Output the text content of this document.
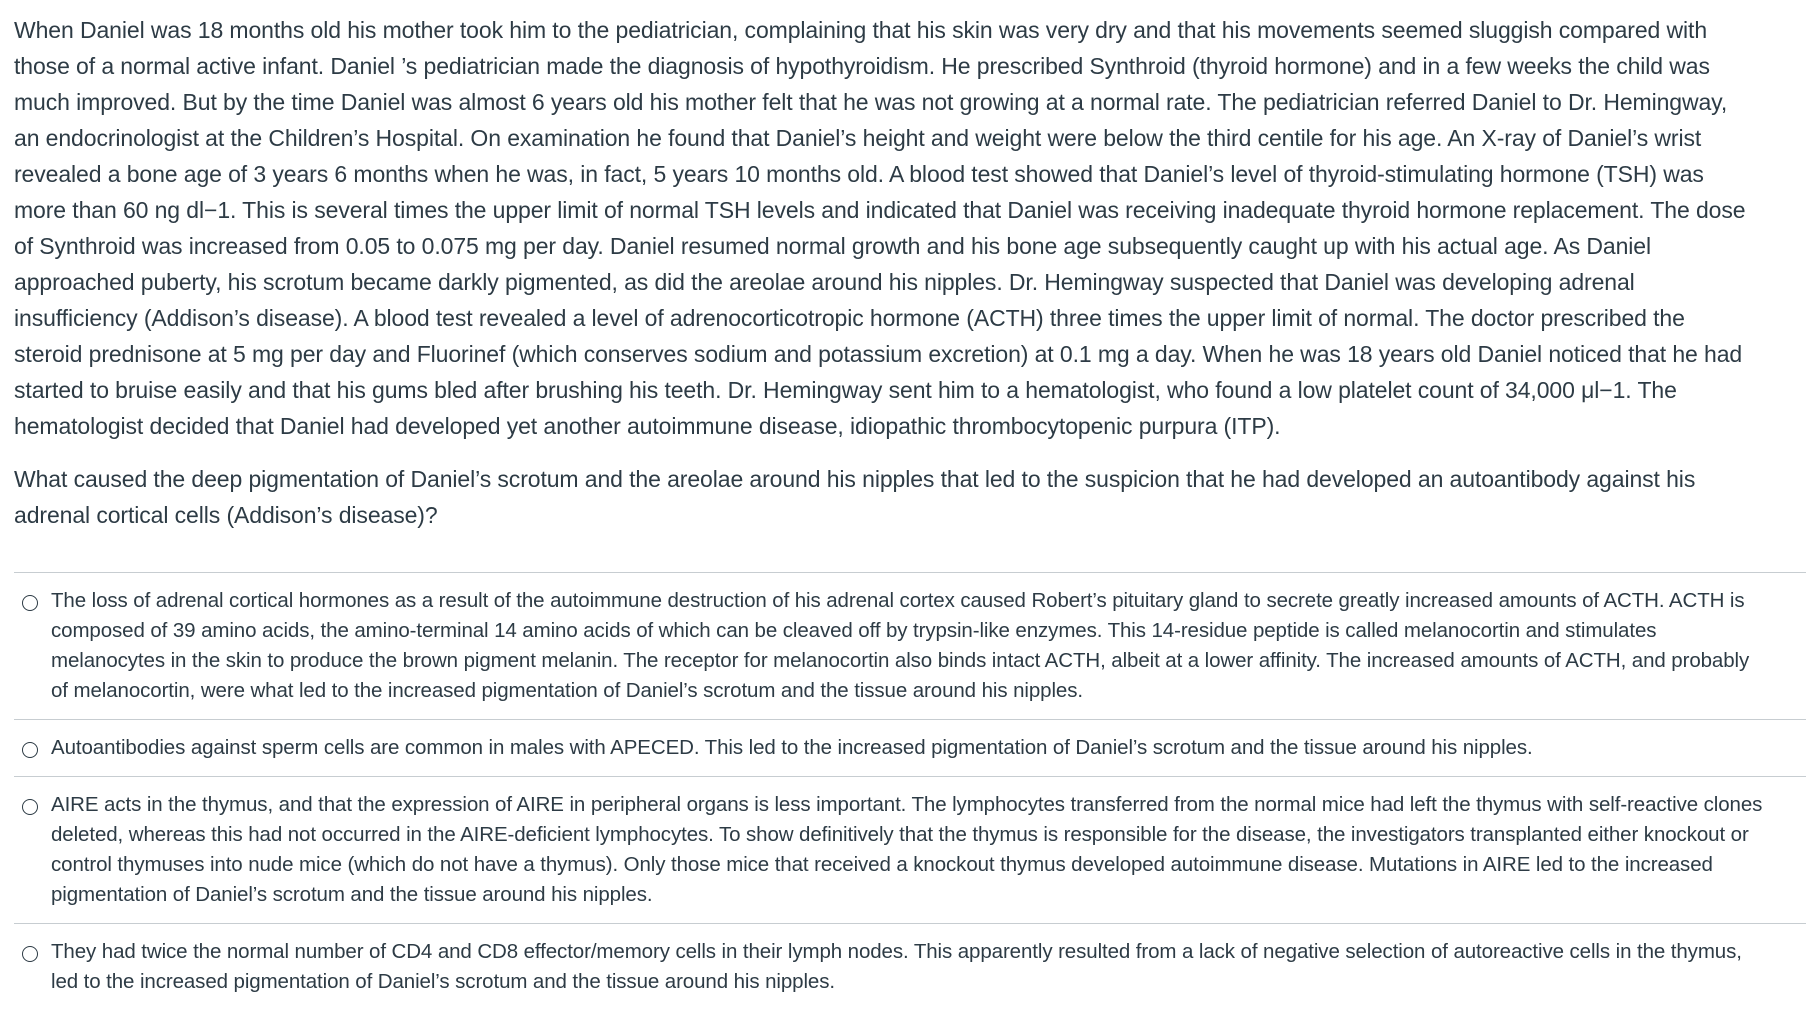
When Daniel was 18 months old his mother took him to the pediatrician, complaining that his skin was very dry and that his movements seemed sluggish compared with
those of a normal active infant. Daniel ’s pediatrician made the diagnosis of hypothyroidism. He prescribed Synthroid (thyroid hormone) and in a few weeks the child was
much improved. But by the time Daniel was almost 6 years old his mother felt that he was not growing at a normal rate. The pediatrician referred Daniel to Dr. Hemingway,
an endocrinologist at the Children’s Hospital. On examination he found that Daniel’s height and weight were below the third centile for his age. An X-ray of Daniel’s wrist
revealed a bone age of 3 years 6 months when he was, in fact, 5 years 10 months old. A blood test showed that Daniel’s level of thyroid-stimulating hormone (TSH) was
more than 60 ng dl−1. This is several times the upper limit of normal TSH levels and indicated that Daniel was receiving inadequate thyroid hormone replacement. The dose
of Synthroid was increased from 0.05 to 0.075 mg per day. Daniel resumed normal growth and his bone age subsequently caught up with his actual age. As Daniel
approached puberty, his scrotum became darkly pigmented, as did the areolae around his nipples. Dr. Hemingway suspected that Daniel was developing adrenal
insufficiency (Addison’s disease). A blood test revealed a level of adrenocorticotropic hormone (ACTH) three times the upper limit of normal. The doctor prescribed the
steroid prednisone at 5 mg per day and Fluorinef (which conserves sodium and potassium excretion) at 0.1 mg a day. When he was 18 years old Daniel noticed that he had
started to bruise easily and that his gums bled after brushing his teeth. Dr. Hemingway sent him to a hematologist, who found a low platelet count of 34,000 μl−1. The
hematologist decided that Daniel had developed yet another autoimmune disease, idiopathic thrombocytopenic purpura (ITP).

What caused the deep pigmentation of Daniel’s scrotum and the areolae around his nipples that led to the suspicion that he had developed an autoantibody against his
adrenal cortical cells (Addison’s disease)?

The loss of adrenal cortical hormones as a result of the autoimmune destruction of his adrenal cortex caused Robert’s pituitary gland to secrete greatly increased amounts of ACTH. ACTH is
composed of 39 amino acids, the amino-terminal 14 amino acids of which can be cleaved off by trypsin-like enzymes. This 14-residue peptide is called melanocortin and stimulates
melanocytes in the skin to produce the brown pigment melanin. The receptor for melanocortin also binds intact ACTH, albeit at a lower affinity. The increased amounts of ACTH, and probably
of melanocortin, were what led to the increased pigmentation of Daniel’s scrotum and the tissue around his nipples.
Autoantibodies against sperm cells are common in males with APECED. This led to the increased pigmentation of Daniel’s scrotum and the tissue around his nipples.
AIRE acts in the thymus, and that the expression of AIRE in peripheral organs is less important. The lymphocytes transferred from the normal mice had left the thymus with self-reactive clones
deleted, whereas this had not occurred in the AIRE-deficient lymphocytes. To show definitively that the thymus is responsible for the disease, the investigators transplanted either knockout or
control thymuses into nude mice (which do not have a thymus). Only those mice that received a knockout thymus developed autoimmune disease. Mutations in AIRE led to the increased
pigmentation of Daniel’s scrotum and the tissue around his nipples.
They had twice the normal number of CD4 and CD8 effector/memory cells in their lymph nodes. This apparently resulted from a lack of negative selection of autoreactive cells in the thymus,
led to the increased pigmentation of Daniel’s scrotum and the tissue around his nipples.
